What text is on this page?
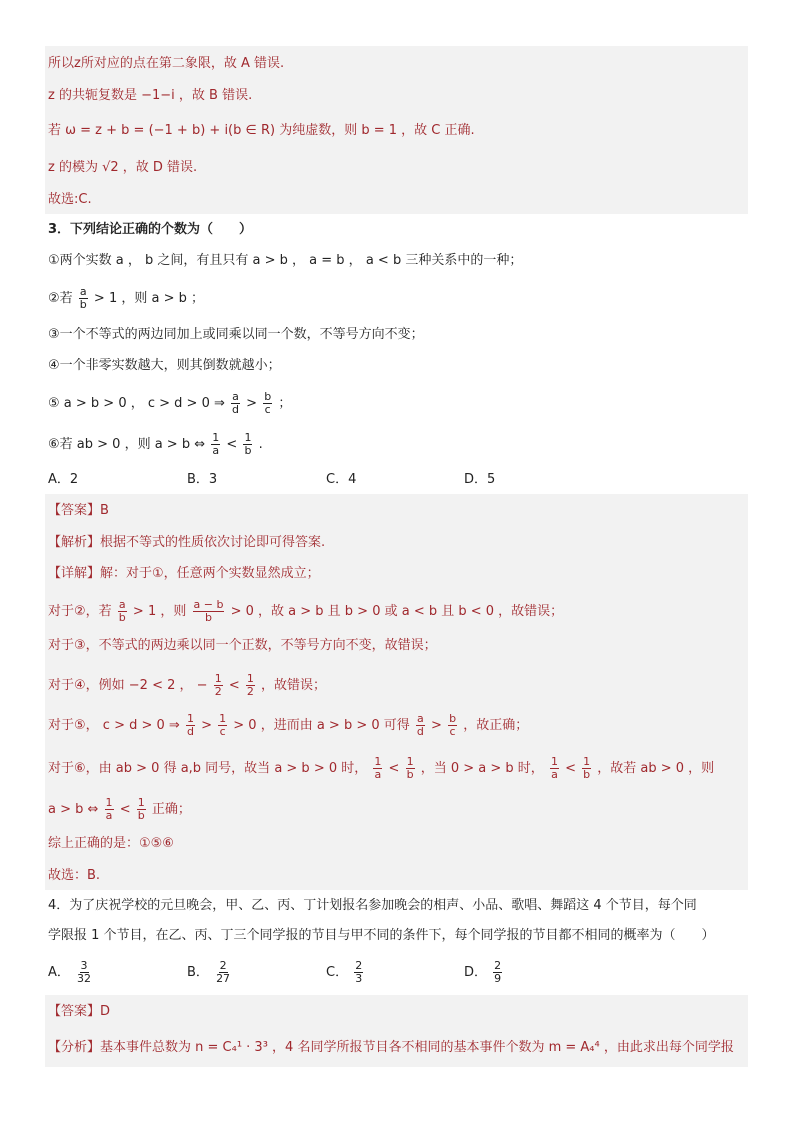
所以z所对应的点在第二象限，故 A 错误.
z 的共轭复数是 −1−i ，故 B 错误.
若 ω = z + b = (−1 + b) + i(b ∈ R) 为纯虚数，则 b = 1 ，故 C 正确.
z 的模为 √2 ，故 D 错误.
故选:C.
3．下列结论正确的个数为（　　）
①两个实数 a ， b 之间，有且只有 a > b ， a = b ， a < b 三种关系中的一种；
②若 $\frac{a}{b} > 1$ ，则 a > b ；
③一个不等式的两边同加上或同乘以同一个数，不等号方向不变；
④一个非零实数越大，则其倒数就越小；
⑤ a > b > 0 ， c > d > 0 ⇒ $\frac{a}{d} > \frac{b}{c}$ ；
⑥若 ab > 0 ，则 a > b ⇔ $\frac{1}{a} < \frac{1}{b}$ .
A．2	B．3	C．4	D．5
【答案】B
【解析】根据不等式的性质依次讨论即可得答案.
【详解】解：对于①，任意两个实数显然成立；
对于②，若 $\frac{a}{b} > 1$ ，则 $\frac{a - b}{b} > 0$ ，故 a > b 且 b > 0 或 a < b 且 b < 0 ，故错误；
对于③，不等式的两边乘以同一个正数，不等号方向不变，故错误；
对于④，例如 −2 < 2 ， − $\frac{1}{2} < \frac{1}{2}$ ，故错误；
对于⑤， c > d > 0 ⇒ $\frac{1}{d} > \frac{1}{c} > 0$ ，进而由 a > b > 0 可得 $\frac{a}{d} > \frac{b}{c}$ ，故正确；
对于⑥，由 ab > 0 得 a,b 同号，故当 a > b > 0 时， $\frac{1}{a} < \frac{1}{b}$ ，当 0 > a > b 时， $\frac{1}{a} < \frac{1}{b}$ ，故若 ab > 0 ，则
a > b ⇔ $\frac{1}{a} < \frac{1}{b}$ 正确；
综上正确的是：①⑤⑥
故选：B.
4．为了庆祝学校的元旦晚会，甲、乙、丙、丁计划报名参加晚会的相声、小品、歌唱、舞蹈这 4 个节目，每个同
学限报 1 个节目，在乙、丙、丁三个同学报的节目与甲不同的条件下，每个同学报的节目都不相同的概率为（　　）
A． $\frac{3}{32}$	B． $\frac{2}{27}$	C． $\frac{2}{3}$	D． $\frac{2}{9}$
【答案】D
【分析】基本事件总数为 n = C₄¹ · 3³ ，4 名同学所报节目各不相同的基本事件个数为 m = A₄⁴ ，由此求出每个同学报
